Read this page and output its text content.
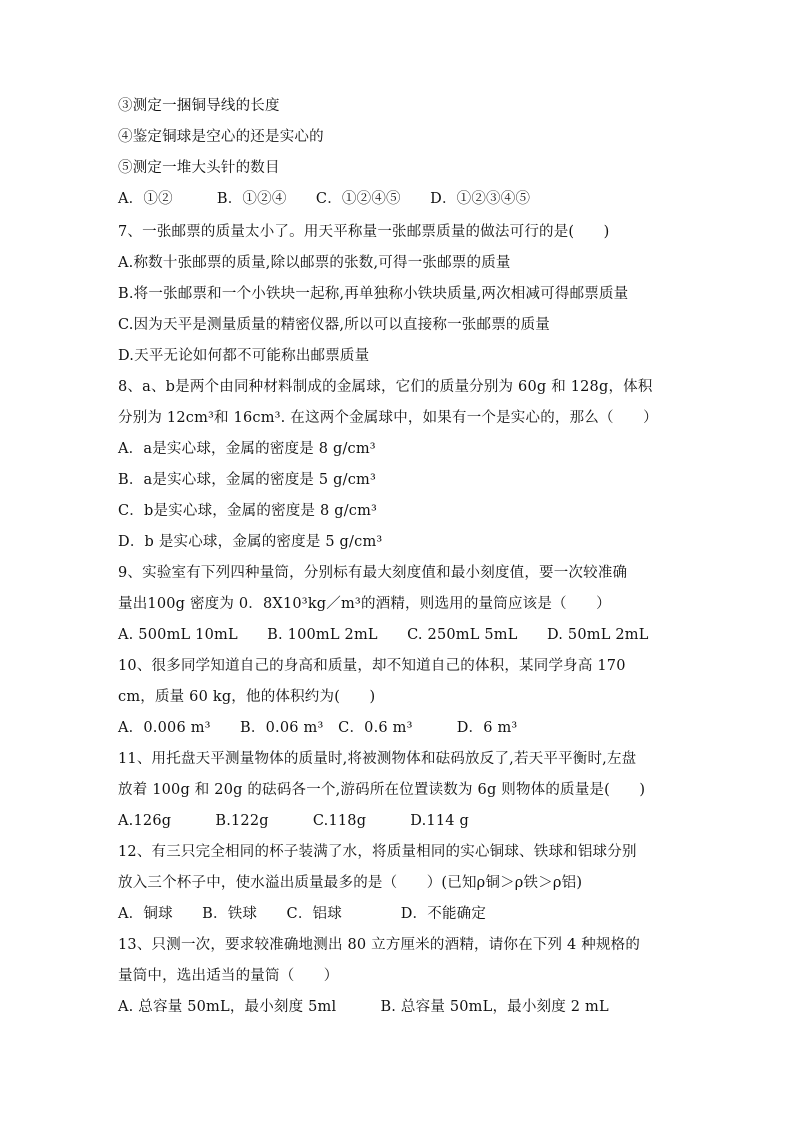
③测定一捆铜导线的长度
④鉴定铜球是空心的还是实心的
⑤测定一堆大头针的数目
A．①②　　　B．①②④　　C．①②④⑤　　D．①②③④⑤
7、一张邮票的质量太小了。用天平称量一张邮票质量的做法可行的是(　　)
A.称数十张邮票的质量,除以邮票的张数,可得一张邮票的质量
B.将一张邮票和一个小铁块一起称,再单独称小铁块质量,两次相减可得邮票质量
C.因为天平是测量质量的精密仪器,所以可以直接称一张邮票的质量
D.天平无论如何都不可能称出邮票质量
8、a、b是两个由同种材料制成的金属球，它们的质量分别为 60g 和 128g，体积
分别为 12cm³和 16cm³. 在这两个金属球中，如果有一个是实心的，那么（　　）
A．a是实心球，金属的密度是 8 g/cm³
B．a是实心球，金属的密度是 5 g/cm³
C．b是实心球，金属的密度是 8 g/cm³
D．b 是实心球，金属的密度是 5 g/cm³
9、实验室有下列四种量筒，分别标有最大刻度值和最小刻度值，要一次较准确
量出100g 密度为 0．8X10³kg／m³的酒精，则选用的量筒应该是（　　）
A. 500mL 10mL　　B. 100mL 2mL　　C. 250mL 5mL　　D. 50mL 2mL
10、很多同学知道自己的身高和质量，却不知道自己的体积，某同学身高 170
cm，质量 60 kg，他的体积约为(　　)
A．0.006 m³　　B．0.06 m³　C．0.6 m³　　　D．6 m³
11、用托盘天平测量物体的质量时,将被测物体和砝码放反了,若天平平衡时,左盘
放着 100g 和 20g 的砝码各一个,游码所在位置读数为 6g 则物体的质量是(　　)
A.126g　　　B.122g　　　C.118g　　　D.114 g
12、有三只完全相同的杯子装满了水，将质量相同的实心铜球、铁球和铝球分别
放入三个杯子中，使水溢出质量最多的是（　　）(已知ρ铜＞ρ铁＞ρ铝)
A．铜球　　B．铁球　　C．铝球　　　　D．不能确定
13、只测一次，要求较准确地测出 80 立方厘米的酒精，请你在下列 4 种规格的
量筒中，选出适当的量筒（　　）
A. 总容量 50mL，最小刻度 5ml　　　B. 总容量 50mL，最小刻度 2 mL
